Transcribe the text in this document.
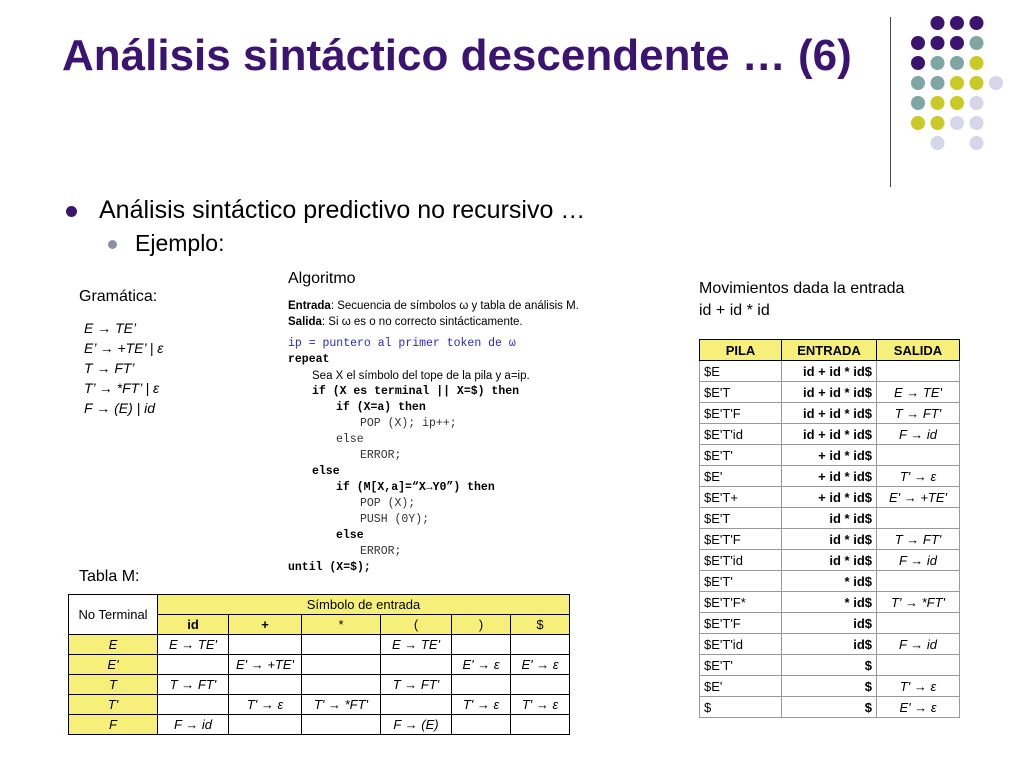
Análisis sintáctico descendente … (6)
Análisis sintáctico predictivo no recursivo …
Ejemplo:
Gramática:
E → TE’
E’ → +TE’ | ε
T → FT’
T’ → *FT’ | ε
F → (E) | id
Algoritmo
Entrada: Secuencia de símbolos ω y tabla de análisis M.
Salida: Si ω es o no correcto sintácticamente.
ip = puntero al primer token de ω
repeat
Sea X el símbolo del tope de la pila y a=ip.
if (X es terminal || X=$) then
if (X=a) then
POP (X); ip++;
else
ERROR;
else
if (M[X,a]=“X→Y0”) then
POP (X);
PUSH (0Y);
else
ERROR;
until (X=$);
Movimientos dada la entrada
id + id * id
PILA	ENTRADA	SALIDA
$E	id + id * id$	
$E'T	id + id * id$	E → TE'
$E'T'F	id + id * id$	T → FT'
$E'T'id	id + id * id$	F → id
$E'T'	+ id * id$	
$E'	+ id * id$	T' → ε
$E'T+	+ id * id$	E' → +TE'
$E'T	id * id$	
$E'T'F	id * id$	T → FT'
$E'T'id	id * id$	F → id
$E'T'	* id$	
$E'T'F*	* id$	T' → *FT'
$E'T'F	id$	
$E'T'id	id$	F → id
$E'T'	$	
$E'	$	T' → ε
$	$	E' → ε
Tabla M:
No Terminal	Símbolo de entrada					
	id	+	*	(	)	$
E	E → TE'			E → TE'		
E'		E' → +TE'			E' → ε	E' → ε
T	T → FT'			T → FT'		
T'		T' → ε	T' → *FT'		T' → ε	T' → ε
F	F → id			F → (E)		
